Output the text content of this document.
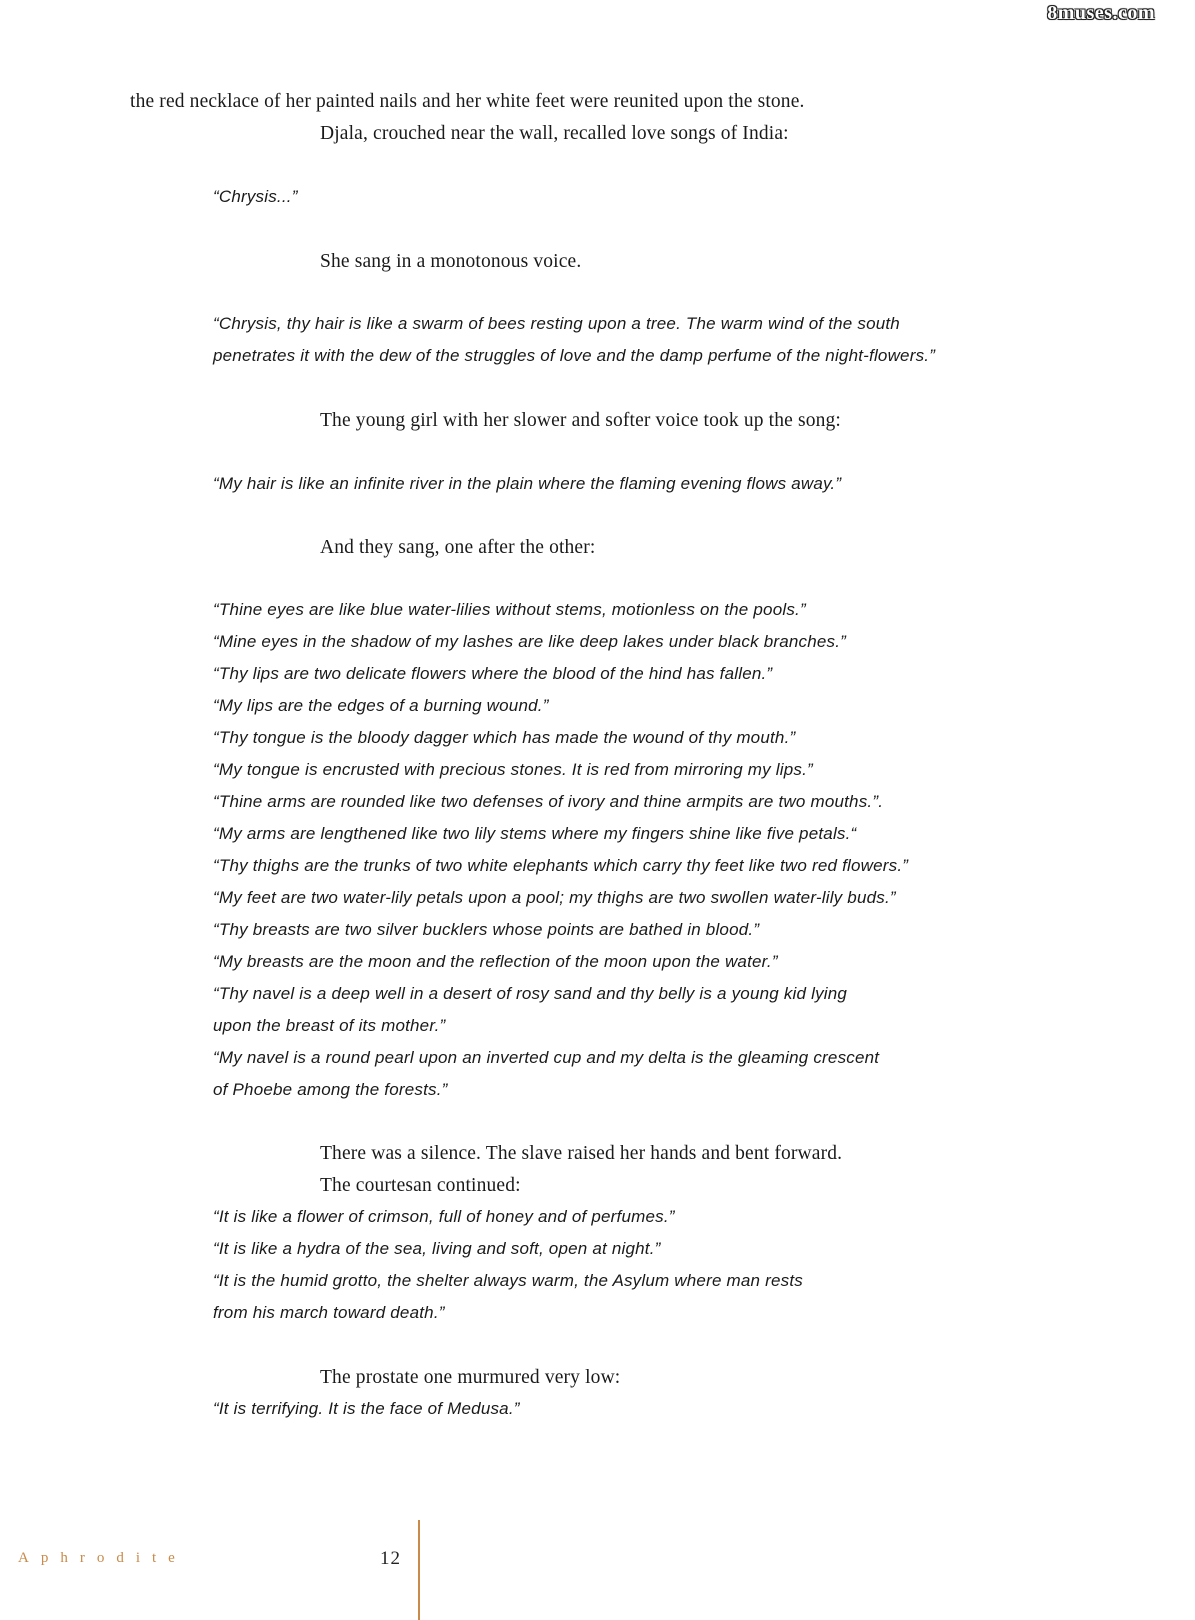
8muses.com
the red necklace of her painted nails and her white feet were reunited upon the stone.
Djala, crouched near the wall, recalled love songs of India:
“Chrysis...”
She sang in a monotonous voice.
“Chrysis, thy hair is like a swarm of bees resting upon a tree. The warm wind of the south
penetrates it with the dew of the struggles of love and the damp perfume of the night-flowers.”
The young girl with her slower and softer voice took up the song:
“My hair is like an infinite river in the plain where the flaming evening flows away.”
And they sang, one after the other:
“Thine eyes are like blue water-lilies without stems, motionless on the pools.”
“Mine eyes in the shadow of my lashes are like deep lakes under black branches.”
“Thy lips are two delicate flowers where the blood of the hind has fallen.”
“My lips are the edges of a burning wound.”
“Thy tongue is the bloody dagger which has made the wound of thy mouth.”
“My tongue is encrusted with precious stones. It is red from mirroring my lips.”
“Thine arms are rounded like two defenses of ivory and thine armpits are two mouths.”.
“My arms are lengthened like two lily stems where my fingers shine like five petals.“
“Thy thighs are the trunks of two white elephants which carry thy feet like two red flowers.”
“My feet are two water-lily petals upon a pool; my thighs are two swollen water-lily buds.”
“Thy breasts are two silver bucklers whose points are bathed in blood.”
“My breasts are the moon and the reflection of the moon upon the water.”
“Thy navel is a deep well in a desert of rosy sand and thy belly is a young kid lying
upon the breast of its mother.”
“My navel is a round pearl upon an inverted cup and my delta is the gleaming crescent
of Phoebe among the forests.”
There was a silence. The slave raised her hands and bent forward.
The courtesan continued:
“It is like a flower of crimson, full of honey and of perfumes.”
“It is like a hydra of the sea, living and soft, open at night.”
“It is the humid grotto, the shelter always warm, the Asylum where man rests
from his march toward death.”
The prostate one murmured very low:
“It is terrifying. It is the face of Medusa.”
Aphrodite	12
